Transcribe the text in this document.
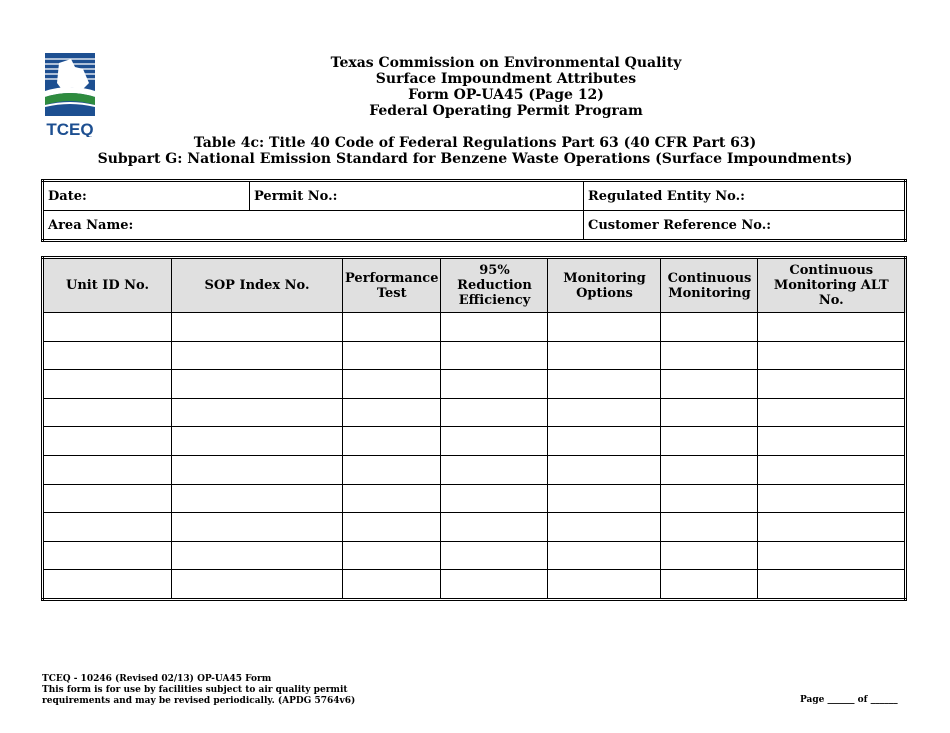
TCEQ
Texas Commission on Environmental Quality
Surface Impoundment Attributes
Form OP-UA45 (Page 12)
Federal Operating Permit Program
Table 4c: Title 40 Code of Federal Regulations Part 63 (40 CFR Part 63)
Subpart G: National Emission Standard for Benzene Waste Operations (Surface Impoundments)
Date:	Permit No.:	Regulated Entity No.:
Area Name:		Customer Reference No.:
Unit ID No.	SOP Index No.	Performance Test	95% Reduction Efficiency	Monitoring Options	Continuous Monitoring	Continuous Monitoring ALT No.

TCEQ - 10246 (Revised 02/13) OP-UA45 Form
This form is for use by facilities subject to air quality permit
requirements and may be revised periodically. (APDG 5764v6)	Page ______ of ______
